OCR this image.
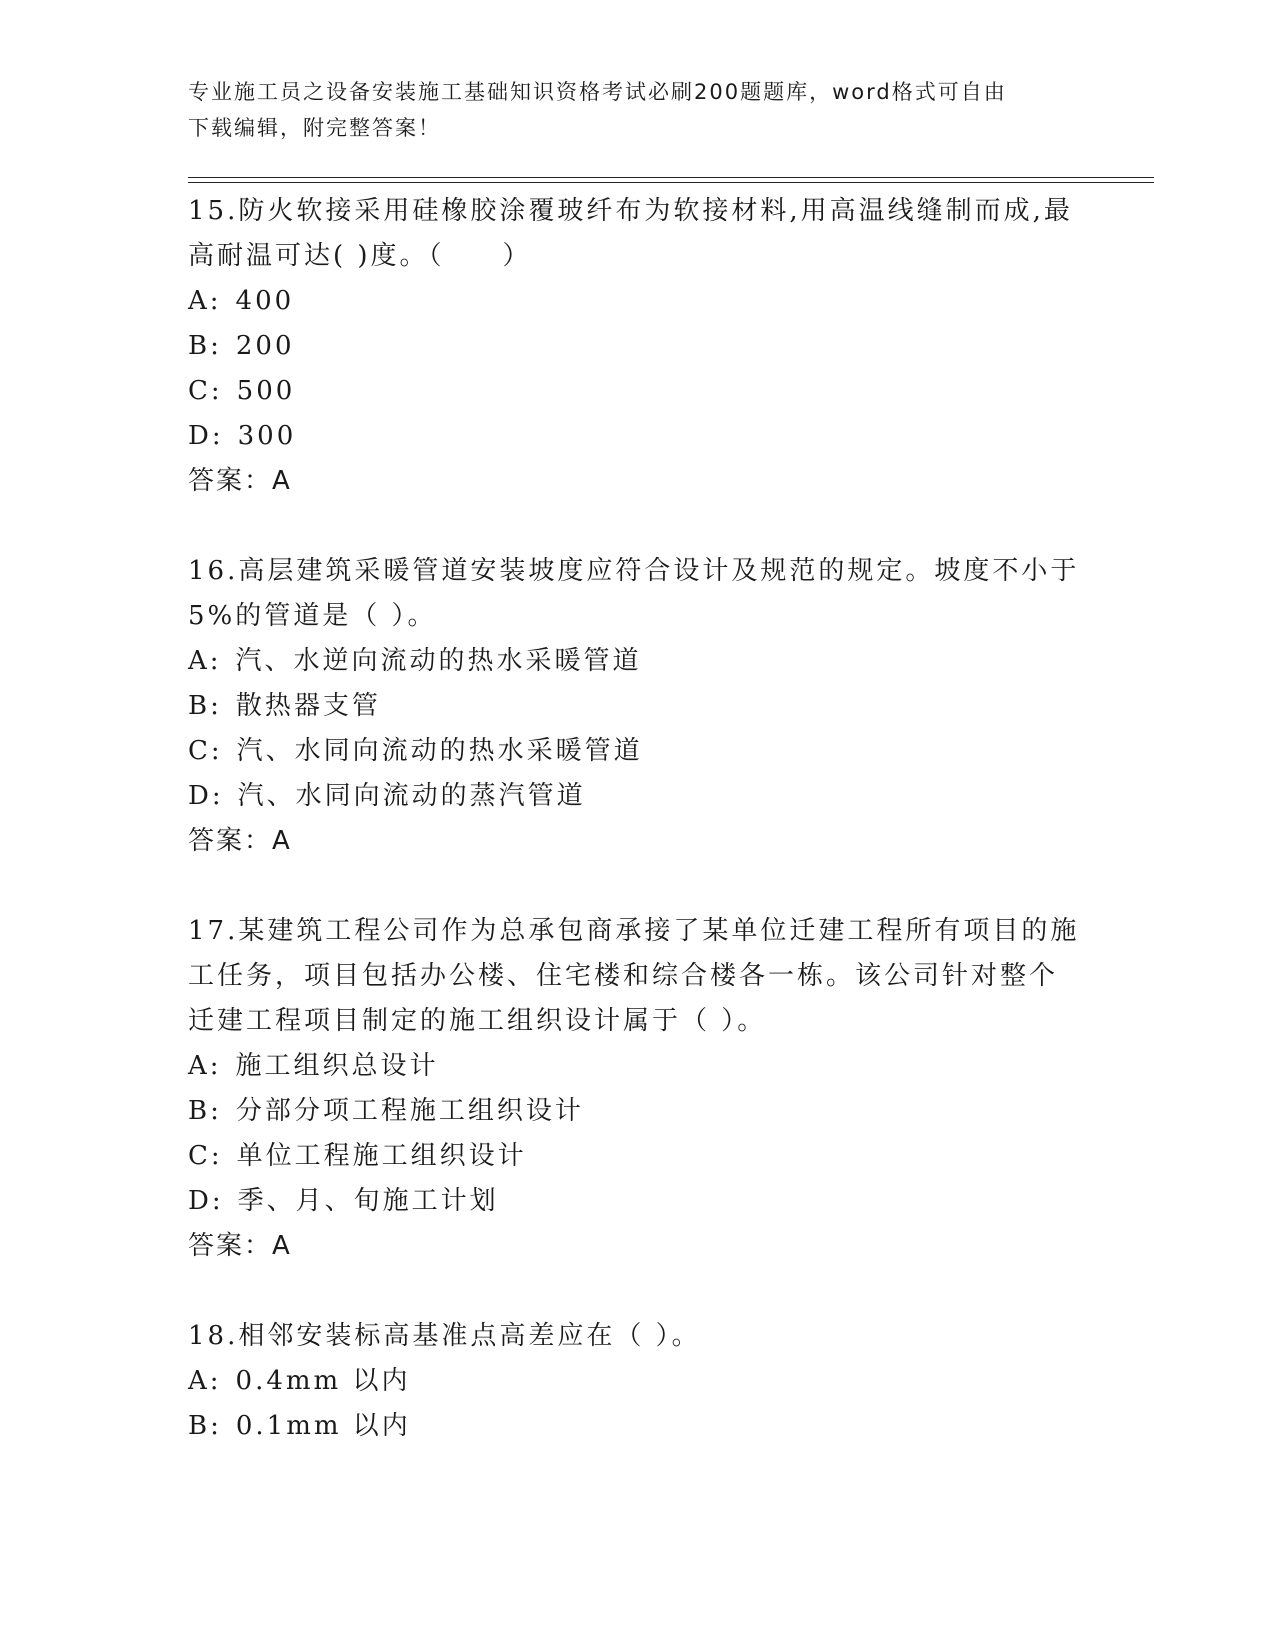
专业施工员之设备安装施工基础知识资格考试必刷200题题库，word格式可自由
下载编辑，附完整答案！
15.防火软接采用硅橡胶涂覆玻纤布为软接材料,用高温线缝制而成,最
高耐温可达( )度。（　　）
A: 400
B: 200
C: 500
D: 300
答案：A
16.高层建筑采暖管道安装坡度应符合设计及规范的规定。坡度不小于
5%的管道是（ ）。
A: 汽、水逆向流动的热水采暖管道
B: 散热器支管
C: 汽、水同向流动的热水采暖管道
D: 汽、水同向流动的蒸汽管道
答案：A
17.某建筑工程公司作为总承包商承接了某单位迁建工程所有项目的施
工任务，项目包括办公楼、住宅楼和综合楼各一栋。该公司针对整个
迁建工程项目制定的施工组织设计属于（ ）。
A: 施工组织总设计
B: 分部分项工程施工组织设计
C: 单位工程施工组织设计
D: 季、月、旬施工计划
答案：A
18.相邻安装标高基准点高差应在（ ）。
A: 0.4mm 以内
B: 0.1mm 以内
